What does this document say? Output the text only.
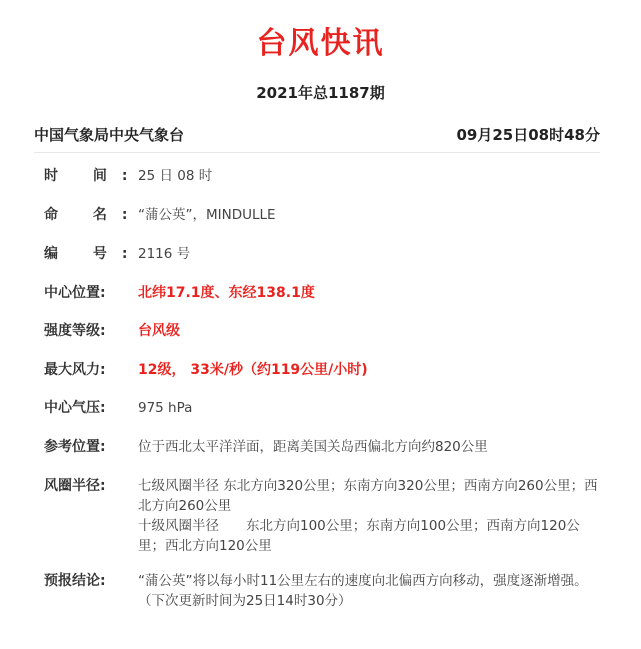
台风快讯
2021年总1187期
中国气象局中央气象台	09月25日08时48分
时 间:
25 日 08 时
命 名:
“蒲公英”，MINDULLE
编 号:
2116 号
中心位置:	北纬17.1度、东经138.1度
强度等级:	台风级
最大风力:	12级， 33米/秒（约119公里/小时)
中心气压:	975 hPa
参考位置:	位于西北太平洋洋面，距离美国关岛西偏北方向约820公里
风圈半径:	七级风圈半径 东北方向320公里；东南方向320公里；西南方向260公里；西北方向260公里
十级风圈半径　　东北方向100公里；东南方向100公里；西南方向120公里；西北方向120公里
预报结论:	“蒲公英”将以每小时11公里左右的速度向北偏西方向移动，强度逐渐增强。
（下次更新时间为25日14时30分）
